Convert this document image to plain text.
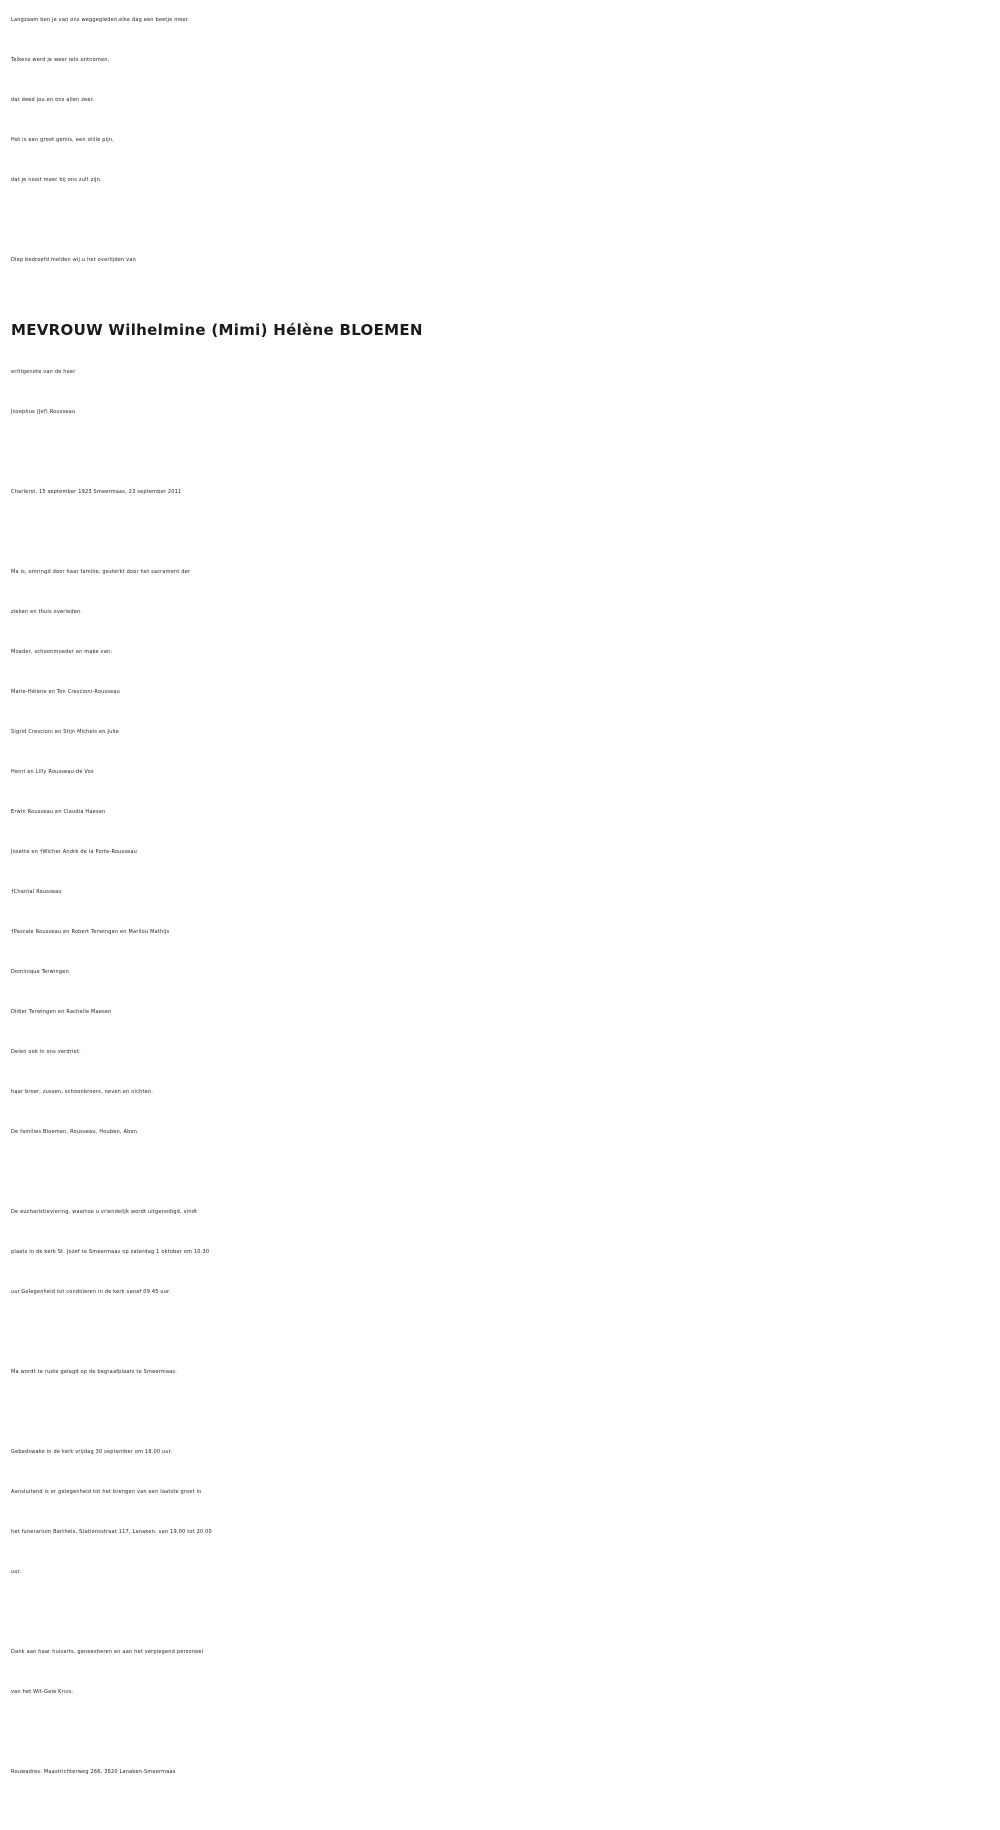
Langzaam ben je van ons weggegleden,elke dag een beetje meer.
Telkens werd je weer iets ontnomen,
dat deed jou en ons allen zeer.
Het is een groot gemis, een stille pijn,
dat je nooit meer bij ons zult zijn.
Diep bedroefd melden wij u het overlijden van
MEVROUW Wilhelmine (Mimi) Hélène BLOEMEN
echtgenote van de heer
Josephus (Jef) Rousseau
Charleroi, 15 september 1923 Smeermaas, 23 september 2011
Ma is, omringd door haar familie, gesterkt door het sacrament der
zieken en thuis overleden.
Moeder, schoonmoeder en make van:
Marie-Hélène en Ton Crescioni-Rousseau
Sigrid Crescioni en Stijn Michels en Julie
Henri en Lilly Rousseau-de Vos
Erwin Rousseau en Claudia Haesen
Josette en †Wicher André de la Porte-Rousseau
†Chantal Rousseau
†Pascale Rousseau en Robert Terwingen en Marilou Mathijs
Dominique Terwingen
Didier Terwingen en Rachelle Maesen
Delen ook in ons verdriet:
haar broer, zussen, schoonbroers, neven en nichten.
De families Bloemen, Rousseau, Houben, Aben.
De eucharistieviering, waartoe u vriendelijk wordt uitgenodigd, vindt
plaats in de kerk St. Jozef te Smeermaas op zaterdag 1 oktober om 10.30
uur.Gelegenheid tot condoleren in de kerk vanaf 09.45 uur.
Ma wordt te ruste gelegd op de begraafplaats te Smeermaas.
Gebedswake in de kerk vrijdag 30 september om 18.00 uur.
Aansluitend is er gelegenheid tot het brengen van een laatste groet in
het funerarium Barthels, Stationsstraat 117, Lanaken, van 19.00 tot 20.00
uur.
Dank aan haar huisarts, geneesheren en aan het verplegend personeel
van het Wit-Gele Kruis.
Rouwadres: Maastrichterweg 266, 3620 Lanaken-Smeermaas
